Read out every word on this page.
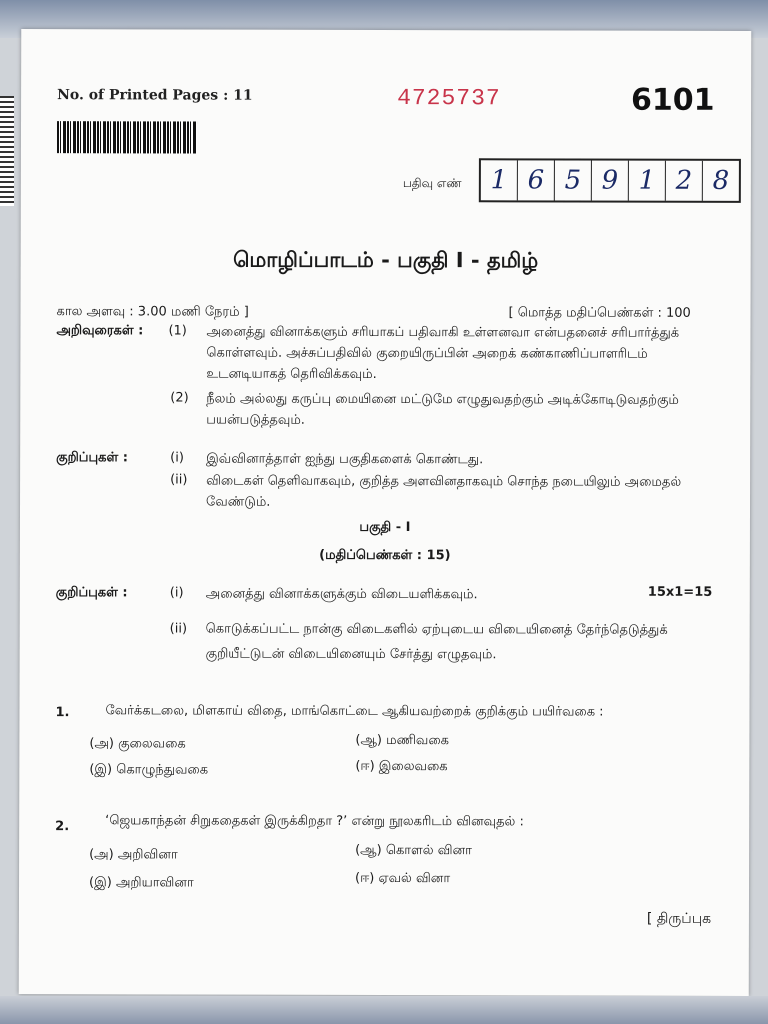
No. of Printed Pages : 11	4725737	6101
பதிவு எண்	1 6 5 9 1 2 8
மொழிப்பாடம் - பகுதி I - தமிழ்
கால அளவு : 3.00 மணி நேரம் ]	[ மொத்த மதிப்பெண்கள் : 100
அறிவுரைகள் : (1) அனைத்து வினாக்களும் சரியாகப் பதிவாகி உள்ளனவா என்பதனைச் சரிபார்த்துக் கொள்ளவும். அச்சுப்பதிவில் குறையிருப்பின் அறைக் கண்காணிப்பாளரிடம் உடனடியாகத் தெரிவிக்கவும்.
(2) நீலம் அல்லது கருப்பு மையினை மட்டுமே எழுதுவதற்கும் அடிக்கோடிடுவதற்கும் பயன்படுத்தவும்.
குறிப்புகள் :	(i) இவ்வினாத்தாள் ஐந்து பகுதிகளைக் கொண்டது.
(ii) விடைகள் தெளிவாகவும், குறித்த அளவினதாகவும் சொந்த நடையிலும் அமைதல் வேண்டும்.
பகுதி - I
(மதிப்பெண்கள் : 15)
குறிப்புகள் :	(i) அனைத்து வினாக்களுக்கும் விடையளிக்கவும்.	15x1=15
(ii) கொடுக்கப்பட்ட நான்கு விடைகளில் ஏற்புடைய விடையினைத் தேர்ந்தெடுத்துக் குறியீட்டுடன் விடையினையும் சேர்த்து எழுதவும்.
1.	வேர்க்கடலை, மிளகாய் விதை, மாங்கொட்டை ஆகியவற்றைக் குறிக்கும் பயிர்வகை :
(அ) குலைவகை	(ஆ) மணிவகை
(இ) கொழுந்துவகை	(ஈ) இலைவகை
2.	‘ஜெயகாந்தன் சிறுகதைகள் இருக்கிறதா ?’ என்று நூலகரிடம் வினவுதல் :
(அ) அறிவினா	(ஆ) கொளல் வினா
(இ) அறியாவினா	(ஈ) ஏவல் வினா
[ திருப்புக
